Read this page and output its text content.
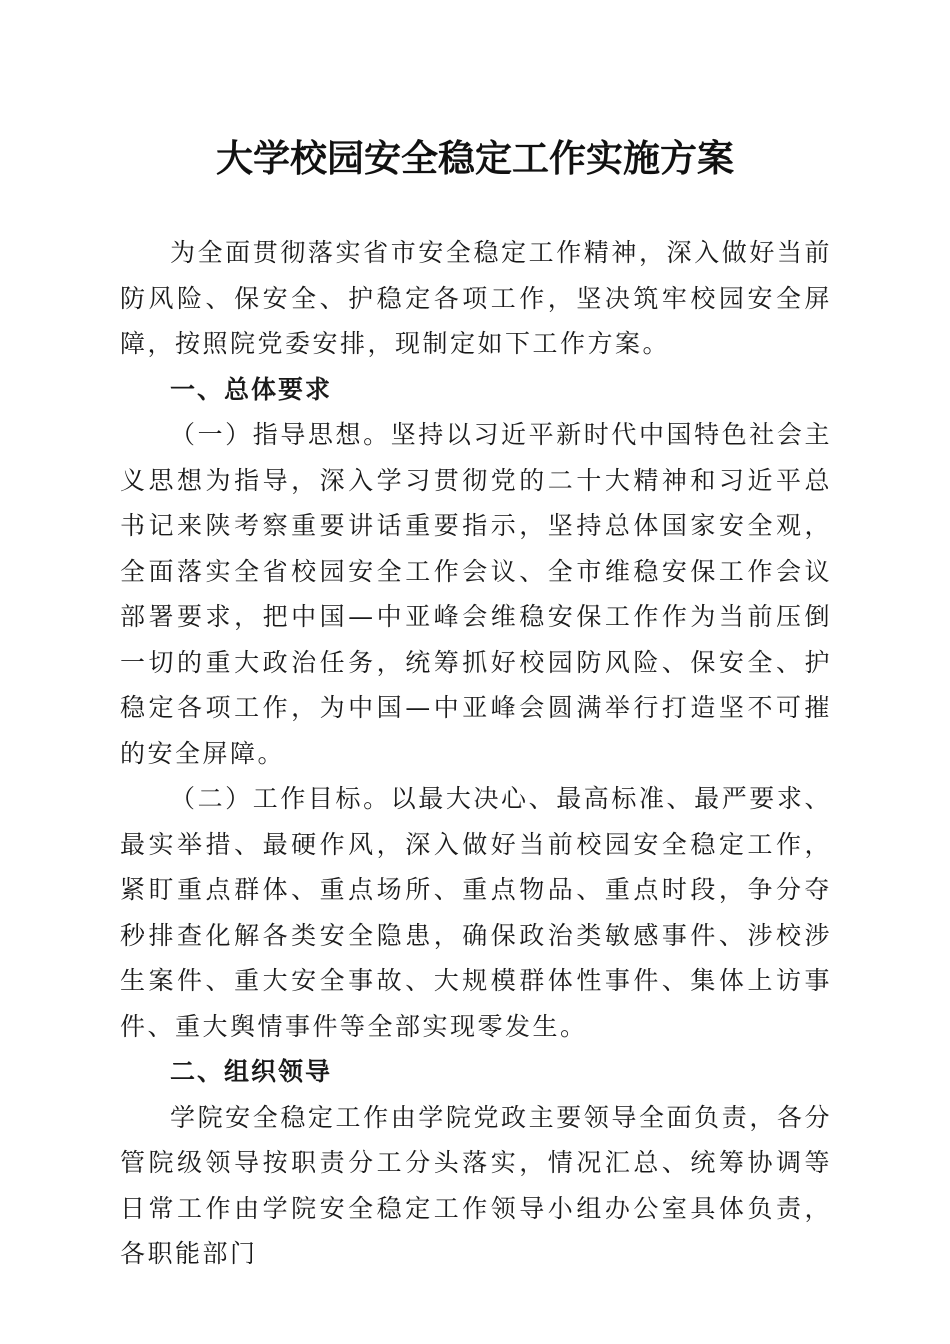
大学校园安全稳定工作实施方案

为全面贯彻落实省市安全稳定工作精神，深入做好当前防风险、保安全、护稳定各项工作，坚决筑牢校园安全屏障，按照院党委安排，现制定如下工作方案。

一、总体要求

（一）指导思想。坚持以习近平新时代中国特色社会主义思想为指导，深入学习贯彻党的二十大精神和习近平总书记来陕考察重要讲话重要指示，坚持总体国家安全观，全面落实全省校园安全工作会议、全市维稳安保工作会议部署要求，把中国—中亚峰会维稳安保工作作为当前压倒一切的重大政治任务，统筹抓好校园防风险、保安全、护稳定各项工作，为中国—中亚峰会圆满举行打造坚不可摧的安全屏障。

（二）工作目标。以最大决心、最高标准、最严要求、最实举措、最硬作风，深入做好当前校园安全稳定工作，紧盯重点群体、重点场所、重点物品、重点时段，争分夺秒排查化解各类安全隐患，确保政治类敏感事件、涉校涉生案件、重大安全事故、大规模群体性事件、集体上访事件、重大舆情事件等全部实现零发生。

二、组织领导

学院安全稳定工作由学院党政主要领导全面负责，各分管院级领导按职责分工分头落实，情况汇总、统筹协调等日常工作由学院安全稳定工作领导小组办公室具体负责，各职能部门
